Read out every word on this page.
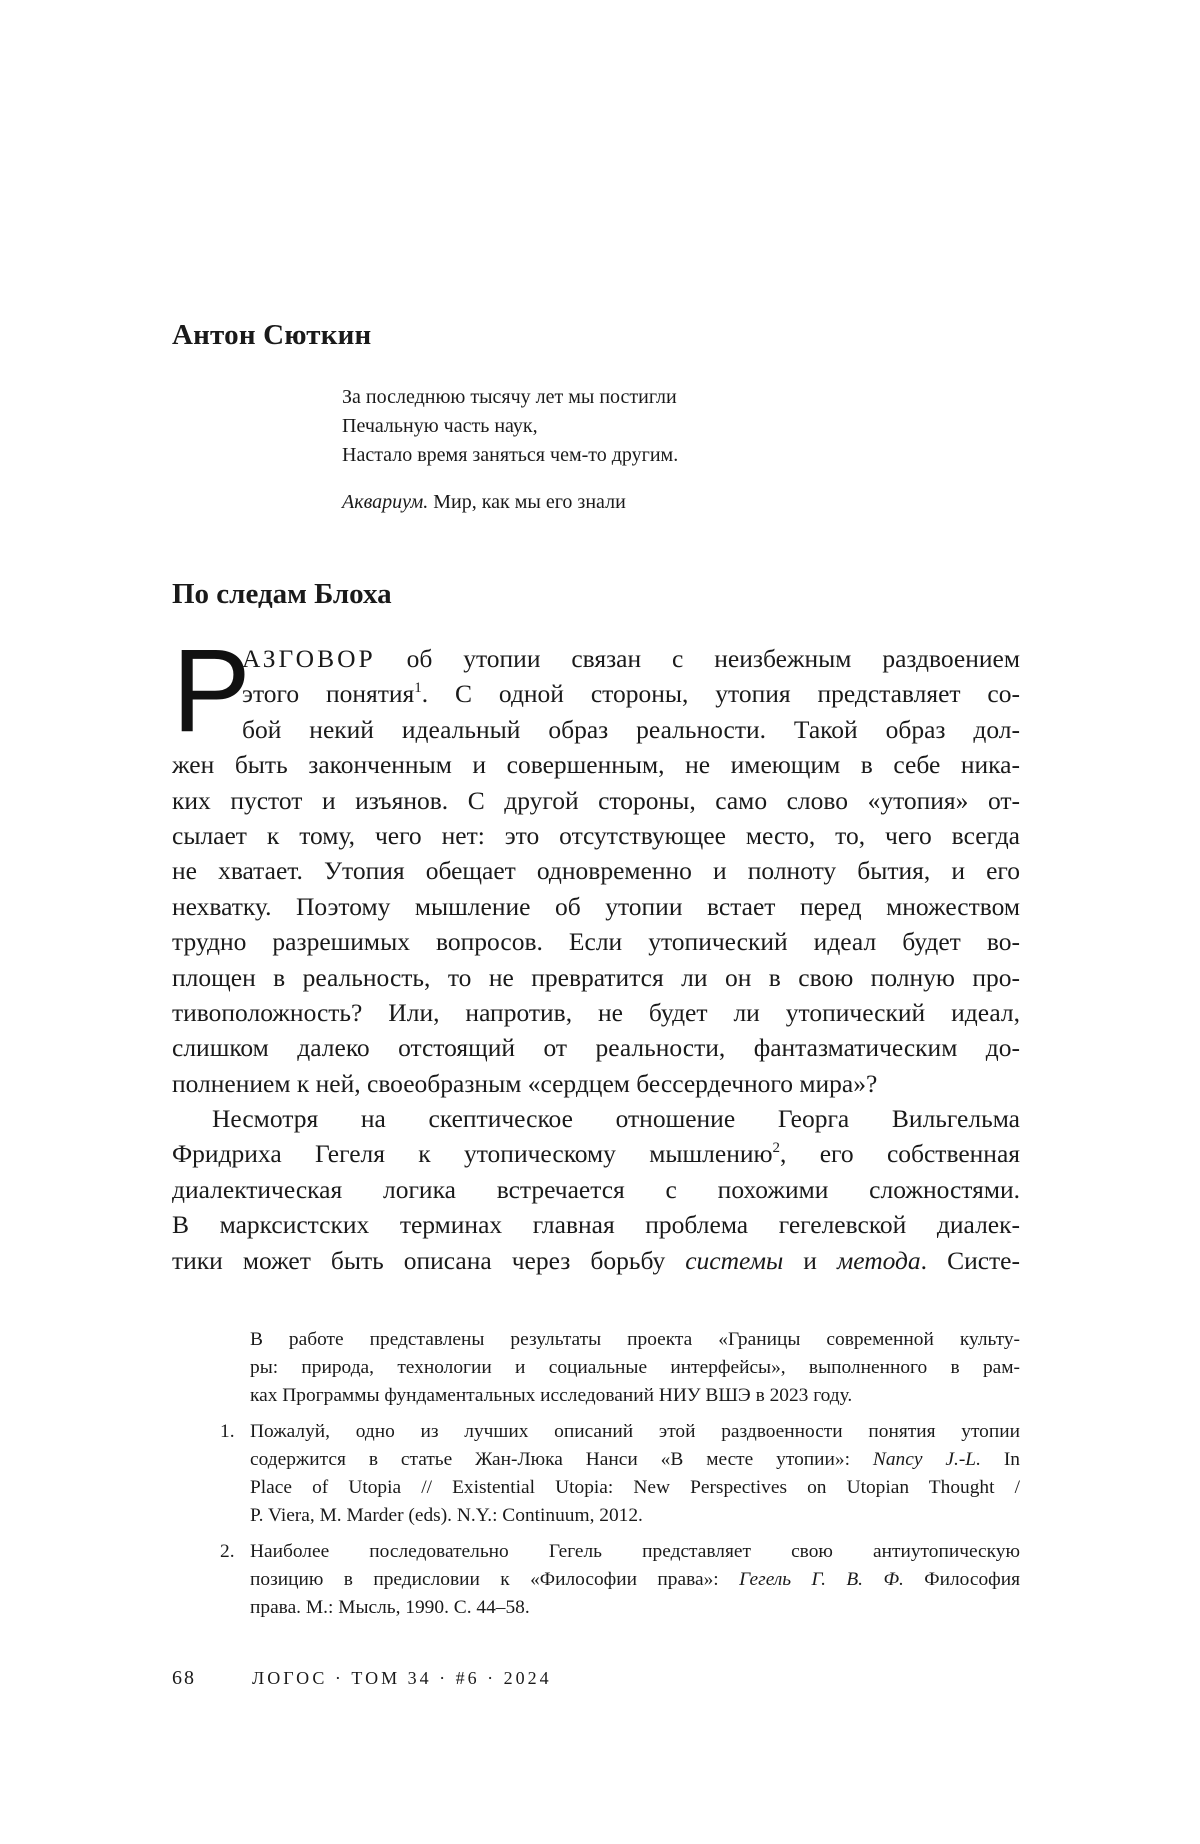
Антон Сюткин
За последнюю тысячу лет мы постигли
Печальную часть наук,
Настало время заняться чем-то другим.
Аквариум. Мир, как мы его знали
По следам Блоха
Р
АЗГОВОР об утопии связан с неизбежным раздвоением
этого понятия$^1$. С одной стороны, утопия представляет со-
бой некий идеальный образ реальности. Такой образ дол-
жен быть законченным и совершенным, не имеющим в себе ника-
ких пустот и изъянов. С другой стороны, само слово «утопия» от-
сылает к тому, чего нет: это отсутствующее место, то, чего всегда
не хватает. Утопия обещает одновременно и полноту бытия, и его
нехватку. Поэтому мышление об утопии встает перед множеством
трудно разрешимых вопросов. Если утопический идеал будет во-
площен в реальность, то не превратится ли он в свою полную про-
тивоположность? Или, напротив, не будет ли утопический идеал,
слишком далеко отстоящий от реальности, фантазматическим до-
полнением к ней, своеобразным «сердцем бессердечного мира»?
Несмотря на скептическое отношение Георга Вильгельма
Фридриха Гегеля к утопическому мышлению$^2$, его собственная
диалектическая логика встречается с похожими сложностями.
В марксистских терминах главная проблема гегелевской диалек-
тики может быть описана через борьбу системы и метода. Систе-
В работе представлены результаты проекта «Границы современной культу-
ры: природа, технологии и социальные интерфейсы», выполненного в рам-
ках Программы фундаментальных исследований НИУ ВШЭ в 2023 году.
1. Пожалуй, одно из лучших описаний этой раздвоенности понятия утопии
содержится в статье Жан-Люка Нанси «В месте утопии»: Nancy J.-L. In
Place of Utopia // Existential Utopia: New Perspectives on Utopian Thought /
P. Viera, M. Marder (eds). N.Y.: Continuum, 2012.
2. Наиболее последовательно Гегель представляет свою антиутопическую
позицию в предисловии к «Философии права»: Гегель Г. В. Ф. Философия
права. М.: Мысль, 1990. С. 44–58.
68	ЛОГОС · ТОМ 34 · #6 · 2024
